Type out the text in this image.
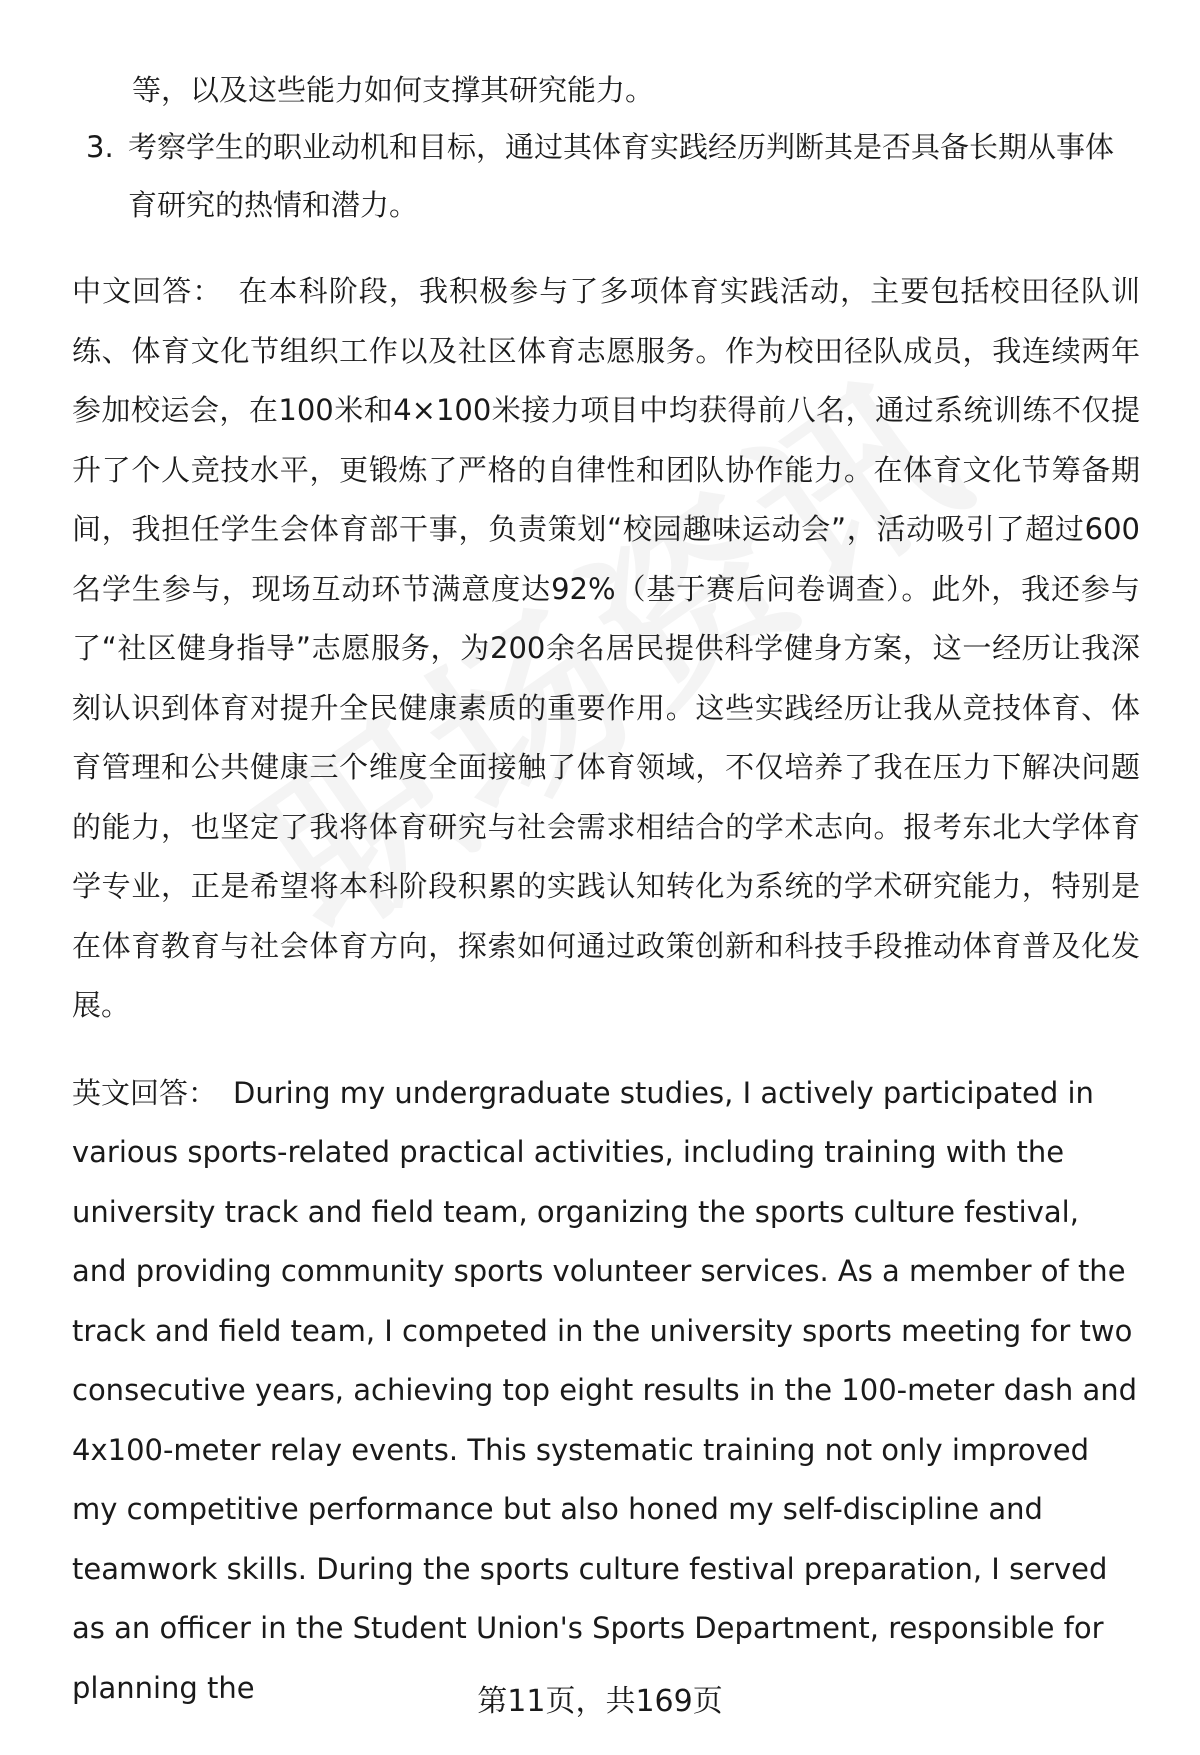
等，以及这些能力如何支撑其研究能力。

3. 考察学生的职业动机和目标，通过其体育实践经历判断其是否具备长期从事体育研究的热情和潜力。

中文回答： 在本科阶段，我积极参与了多项体育实践活动，主要包括校田径队训练、体育文化节组织工作以及社区体育志愿服务。作为校田径队成员，我连续两年参加校运会，在100米和4×100米接力项目中均获得前八名，通过系统训练不仅提升了个人竞技水平，更锻炼了严格的自律性和团队协作能力。在体育文化节筹备期间，我担任学生会体育部干事，负责策划“校园趣味运动会”，活动吸引了超过600名学生参与，现场互动环节满意度达92%（基于赛后问卷调查）。此外，我还参与了“社区健身指导”志愿服务，为200余名居民提供科学健身方案，这一经历让我深刻认识到体育对提升全民健康素质的重要作用。这些实践经历让我从竞技体育、体育管理和公共健康三个维度全面接触了体育领域，不仅培养了我在压力下解决问题的能力，也坚定了我将体育研究与社会需求相结合的学术志向。报考东北大学体育学专业，正是希望将本科阶段积累的实践认知转化为系统的学术研究能力，特别是在体育教育与社会体育方向，探索如何通过政策创新和科技手段推动体育普及化发展。

英文回答： During my undergraduate studies, I actively participated in various sports-related practical activities, including training with the university track and field team, organizing the sports culture festival, and providing community sports volunteer services. As a member of the track and field team, I competed in the university sports meeting for two consecutive years, achieving top eight results in the 100-meter dash and 4x100-meter relay events. This systematic training not only improved my competitive performance but also honed my self-discipline and teamwork skills. During the sports culture festival preparation, I served as an officer in the Student Union's Sports Department, responsible for planning the	第11页，共169页
